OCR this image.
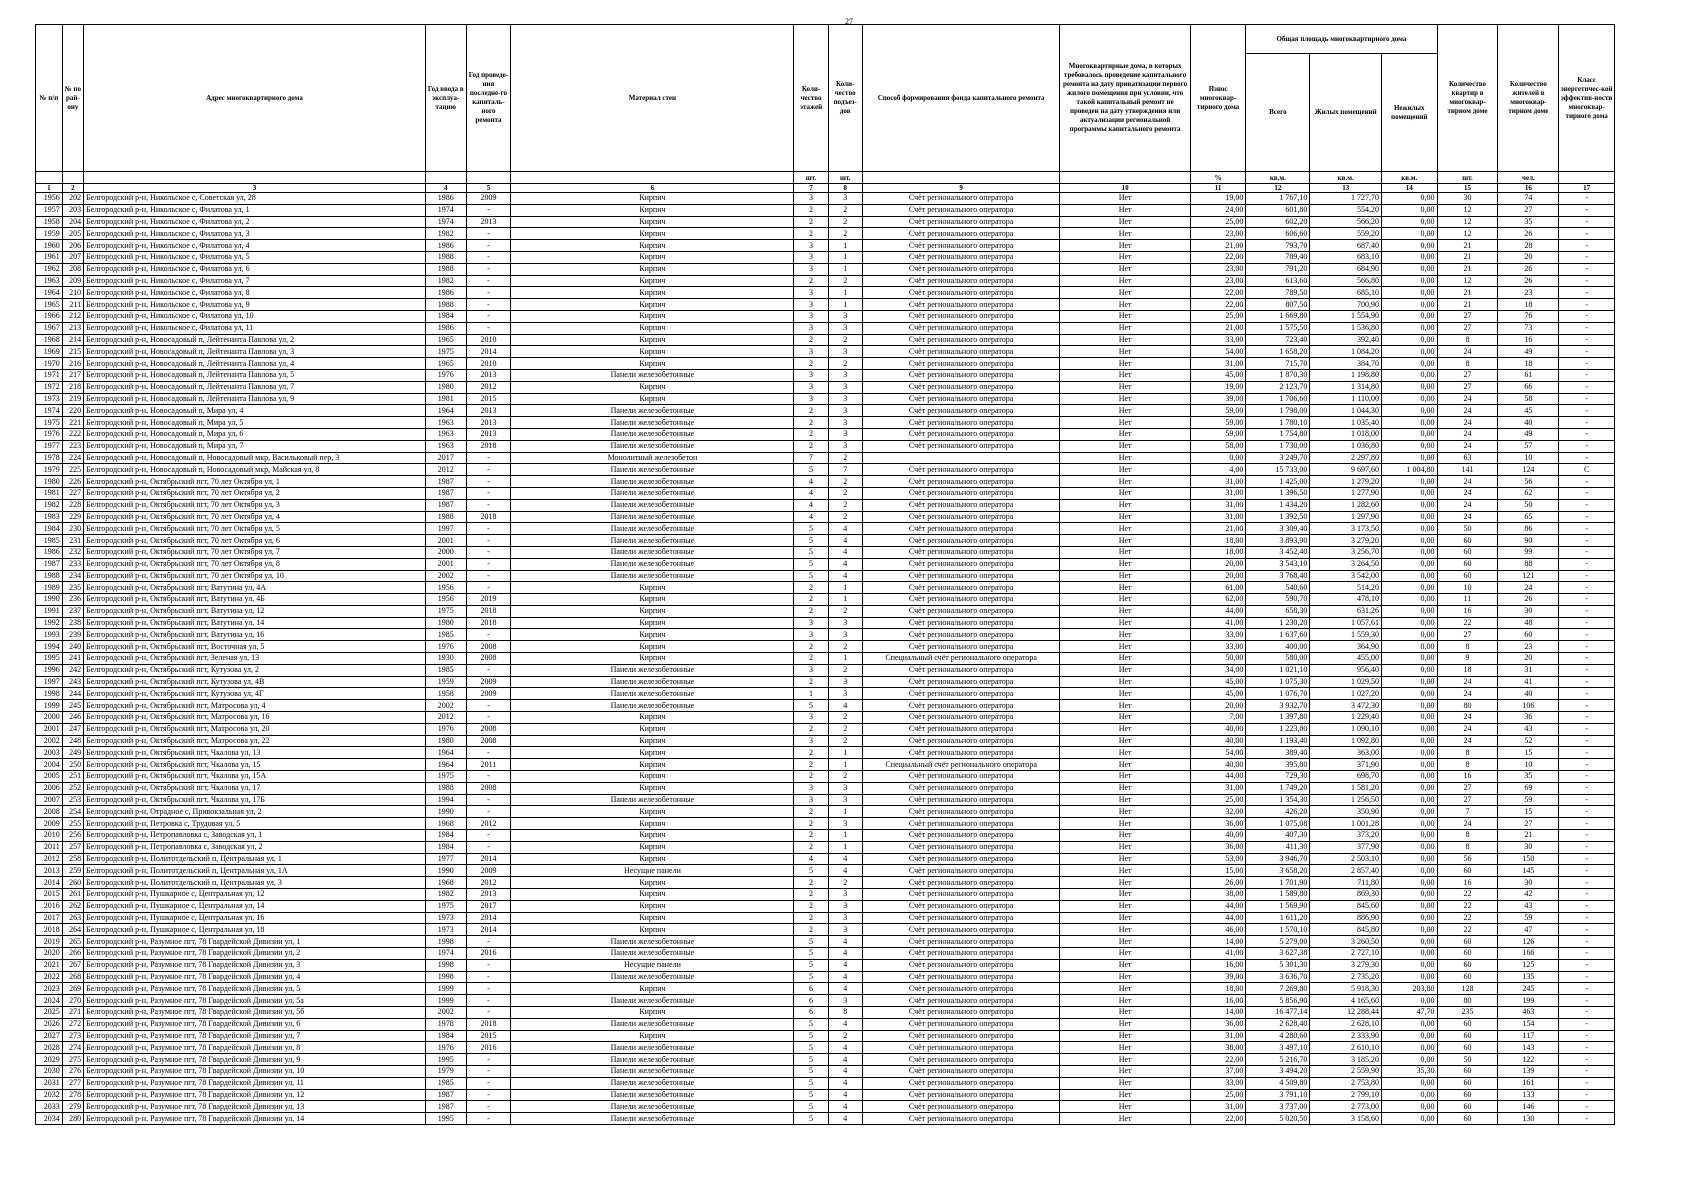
27
№ п/п	№ по рай-ону	Адрес многоквартирного дома	Год ввода в эксплуа-тацию	Год проведе-ния последне-го капиталь-ного ремонта	Материал стен	Коли-чество этажей	Коли-чество подъез-дов	Способ формирования фонда капитального ремонта	Многоквартирные дома, в которых требовалось проведение капитального ремонта на дату приватизации первого жилого помещения при условии, что такой капитальный ремонт не проведен на дату утверждения или актуализации региональной программы капитального ремонта	Износ многоквар-тирного дома	Общая площадь многоквартирного дома			Количество квартир в многоквар-тирном доме	Количество жителей в многоквар-тирном доме	Класс энергетичес-кой эффектив-ности многоквар-тирного дома
											Всего	Жилых помещений	Нежилых помещений			
						шт.	шт.			%	кв.м.	кв.м.	кв.м.	шт.	чел.	
1	2	3	4	5	6	7	8	9	10	11	12	13	14	15	16	17
1956	202	Белгородский р-н, Никольское с, Советская ул, 28	1986	2009	Кирпич	3	3	Счёт регионального оператора	Нет	19,00	1 767,10	1 727,70	0,00	30	74	-
1957	203	Белгородский р-н, Никольское с, Филатова ул, 1	1974	-	Кирпич	2	2	Счёт регионального оператора	Нет	24,00	601,80	554,20	0,00	12	27	-
1958	204	Белгородский р-н, Никольское с, Филатова ул, 2	1974	2013	Кирпич	2	2	Счёт регионального оператора	Нет	25,00	602,20	566,20	0,00	12	35	-
1959	205	Белгородский р-н, Никольское с, Филатова ул, 3	1982	-	Кирпич	2	2	Счёт регионального оператора	Нет	23,00	606,60	559,20	0,00	12	26	-
1960	206	Белгородский р-н, Никольское с, Филатова ул, 4	1986	-	Кирпич	3	1	Счёт регионального оператора	Нет	21,00	793,70	687,40	0,00	21	28	-
1961	207	Белгородский р-н, Никольское с, Филатова ул, 5	1988	-	Кирпич	3	1	Счёт регионального оператора	Нет	22,00	789,40	683,10	0,00	21	20	-
1962	208	Белгородский р-н, Никольское с, Филатова ул, 6	1988	-	Кирпич	3	1	Счёт регионального оператора	Нет	23,00	791,20	684,90	0,00	21	26	-
1963	209	Белгородский р-н, Никольское с, Филатова ул, 7	1982	-	Кирпич	2	2	Счёт регионального оператора	Нет	23,00	613,60	566,80	0,00	12	26	-
1964	210	Белгородский р-н, Никольское с, Филатова ул, 8	1986	-	Кирпич	3	1	Счёт регионального оператора	Нет	22,00	789,50	685,10	0,00	21	23	-
1965	211	Белгородский р-н, Никольское с, Филатова ул, 9	1988	-	Кирпич	3	1	Счёт регионального оператора	Нет	22,00	807,50	700,90	0,00	21	18	-
1966	212	Белгородский р-н, Никольское с, Филатова ул, 10	1984	-	Кирпич	3	3	Счёт регионального оператора	Нет	25,00	1 669,80	1 554,90	0,00	27	76	-
1967	213	Белгородский р-н, Никольское с, Филатова ул, 11	1986	-	Кирпич	3	3	Счёт регионального оператора	Нет	21,00	1 575,50	1 536,80	0,00	27	73	-
1968	214	Белгородский р-н, Новосадовый п, Лейтенанта Павлова ул, 2	1965	2010	Кирпич	2	2	Счёт регионального оператора	Нет	33,00	723,40	392,40	0,00	8	16	-
1969	215	Белгородский р-н, Новосадовый п, Лейтенанта Павлова ул, 3	1975	2014	Кирпич	3	3	Счёт регионального оператора	Нет	54,00	1 658,20	1 084,20	0,00	24	49	-
1970	216	Белгородский р-н, Новосадовый п, Лейтенанта Павлова ул, 4	1965	2010	Кирпич	2	2	Счёт регионального оператора	Нет	31,00	715,70	384,70	0,00	8	18	-
1971	217	Белгородский р-н, Новосадовый п, Лейтенанта Павлова ул, 5	1976	2013	Панели железобетонные	3	3	Счёт регионального оператора	Нет	45,00	1 870,30	1 198,80	0,00	27	61	-
1972	218	Белгородский р-н, Новосадовый п, Лейтенанта Павлова ул, 7	1980	2012	Кирпич	3	3	Счёт регионального оператора	Нет	19,00	2 123,70	1 314,80	0,00	27	66	-
1973	219	Белгородский р-н, Новосадовый п, Лейтенанта Павлова ул, 9	1981	2015	Кирпич	3	3	Счёт регионального оператора	Нет	39,00	1 706,60	1 110,00	0,00	24	58	-
1974	220	Белгородский р-н, Новосадовый п, Мира ул, 4	1964	2013	Панели железобетонные	2	3	Счёт регионального оператора	Нет	59,00	1 798,00	1 044,30	0,00	24	45	-
1975	221	Белгородский р-н, Новосадовый п, Мира ул, 5	1963	2013	Панели железобетонные	2	3	Счёт регионального оператора	Нет	59,00	1 780,10	1 035,40	0,00	24	40	-
1976	222	Белгородский р-н, Новосадовый п, Мира ул, 6	1963	2013	Панели железобетонные	2	3	Счёт регионального оператора	Нет	59,00	1 754,80	1 018,00	0,00	24	49	-
1977	223	Белгородский р-н, Новосадовый п, Мира ул, 7	1963	2018	Панели железобетонные	2	3	Счёт регионального оператора	Нет	58,00	1 730,00	1 036,80	0,00	24	57	-
1978	224	Белгородский р-н, Новосадовый п, Новосадовый мкр, Васильковый пер, 3	2017	-	Монолитный железобетон	7	2		Нет	0,00	3 249,70	2 297,80	0,00	63	10	-
1979	225	Белгородский р-н, Новосадовый п, Новосадовый мкр, Майская ул, 8	2012	-	Панели железобетонные	5	7	Счёт регионального оператора	Нет	4,00	15 733,00	9 697,60	1 004,80	141	124	C
1980	226	Белгородский р-н, Октябрьский пгт, 70 лет Октября ул, 1	1987	-	Панели железобетонные	4	2	Счёт регионального оператора	Нет	31,00	1 425,00	1 279,20	0,00	24	56	-
1981	227	Белгородский р-н, Октябрьский пгт, 70 лет Октября ул, 2	1987	-	Панели железобетонные	4	2	Счёт регионального оператора	Нет	31,00	1 396,50	1 277,90	0,00	24	62	-
1982	228	Белгородский р-н, Октябрьский пгт, 70 лет Октября ул, 3	1987	-	Панели железобетонные	4	2	Счёт регионального оператора	Нет	31,00	1 434,20	1 282,60	0,00	24	50	-
1983	229	Белгородский р-н, Октябрьский пгт, 70 лет Октября ул, 4	1988	2018	Панели железобетонные	4	2	Счёт регионального оператора	Нет	31,00	1 392,50	1 297,90	0,00	24	65	-
1984	230	Белгородский р-н, Октябрьский пгт, 70 лет Октября ул, 5	1997	-	Панели железобетонные	5	4	Счёт регионального оператора	Нет	21,00	3 309,40	3 173,50	0,00	50	86	-
1985	231	Белгородский р-н, Октябрьский пгт, 70 лет Октября ул, 6	2001	-	Панели железобетонные	5	4	Счёт регионального оператора	Нет	18,00	3 893,90	3 279,20	0,00	60	90	-
1986	232	Белгородский р-н, Октябрьский пгт, 70 лет Октября ул, 7	2000	-	Панели железобетонные	5	4	Счёт регионального оператора	Нет	18,00	3 452,40	3 256,70	0,00	60	99	-
1987	233	Белгородский р-н, Октябрьский пгт, 70 лет Октября ул, 8	2001	-	Панели железобетонные	5	4	Счёт регионального оператора	Нет	20,00	3 543,10	3 264,50	0,00	60	88	-
1988	234	Белгородский р-н, Октябрьский пгт, 70 лет Октября ул, 10	2002	-	Панели железобетонные	5	4	Счёт регионального оператора	Нет	20,00	3 768,40	3 542,00	0,00	60	121	-
1989	235	Белгородский р-н, Октябрьский пгт, Ватутина ул, 4А	1956	-	Кирпич	2	1	Счёт регионального оператора	Нет	61,00	540,60	514,20	0,00	10	24	-
1990	236	Белгородский р-н, Октябрьский пгт, Ватутина ул, 4Б	1956	2019	Кирпич	2	1	Счёт регионального оператора	Нет	62,00	590,70	478,10	0,00	11	26	-
1991	237	Белгородский р-н, Октябрьский пгт, Ватутина ул, 12	1975	2018	Кирпич	2	2	Счёт регионального оператора	Нет	44,00	658,30	631,26	0,00	16	30	-
1992	238	Белгородский р-н, Октябрьский пгт, Ватутина ул, 14	1980	2018	Кирпич	3	3	Счёт регионального оператора	Нет	41,00	1 230,20	1 057,61	0,00	22	48	-
1993	239	Белгородский р-н, Октябрьский пгт, Ватутина ул, 16	1985	-	Кирпич	3	3	Счёт регионального оператора	Нет	33,00	1 637,60	1 559,30	0,00	27	60	-
1994	240	Белгородский р-н, Октябрьский пгт, Восточная ул, 5	1976	2008	Кирпич	2	2	Счёт регионального оператора	Нет	33,00	400,00	364,90	0,00	8	23	-
1995	241	Белгородский р-н, Октябрьский пгт, Зеленая ул, 13	1930	2008	Кирпич	2	1	Специальный счёт регионального оператора	Нет	50,00	580,00	455,00	0,00	9	20	-
1996	242	Белгородский р-н, Октябрьский пгт, Кутузова ул, 2	1985	-	Панели железобетонные	3	2	Счёт регионального оператора	Нет	34,00	1 021,10	956,40	0,00	18	31	-
1997	243	Белгородский р-н, Октябрьский пгт, Кутузова ул, 4В	1959	2009	Панели железобетонные	2	3	Счёт регионального оператора	Нет	45,00	1 075,30	1 029,50	0,00	24	41	-
1998	244	Белгородский р-н, Октябрьский пгт, Кутузова ул, 4Г	1958	2009	Панели железобетонные	1	3	Счёт регионального оператора	Нет	45,00	1 076,70	1 027,20	0,00	24	40	-
1999	245	Белгородский р-н, Октябрьский пгт, Матросова ул, 4	2002	-	Панели железобетонные	5	4	Счёт регионального оператора	Нет	20,00	3 932,70	3 472,30	0,00	80	106	-
2000	246	Белгородский р-н, Октябрьский пгт, Матросова ул, 16	2012	-	Кирпич	3	2	Счёт регионального оператора	Нет	7,00	1 397,80	1 229,40	0,00	24	36	-
2001	247	Белгородский р-н, Октябрьский пгт, Матросова ул, 20	1976	2008	Кирпич	2	2	Счёт регионального оператора	Нет	40,00	1 223,80	1 090,10	0,00	24	43	-
2002	248	Белгородский р-н, Октябрьский пгт, Матросова ул, 22	1980	2008	Кирпич	3	2	Счёт регионального оператора	Нет	40,00	1 193,40	1 092,80	0,00	24	52	-
2003	249	Белгородский р-н, Октябрьский пгт, Чкалова ул, 13	1964	-	Кирпич	2	1	Счёт регионального оператора	Нет	54,00	389,40	363,00	0,00	8	15	-
2004	250	Белгородский р-н, Октябрьский пгт, Чкалова ул, 15	1964	2011	Кирпич	2	1	Специальный счёт регионального оператора	Нет	40,00	395,80	371,90	0,00	8	10	-
2005	251	Белгородский р-н, Октябрьский пгт, Чкалова ул, 15А	1975	-	Кирпич	2	2	Счёт регионального оператора	Нет	44,00	729,30	698,70	0,00	16	35	-
2006	252	Белгородский р-н, Октябрьский пгт, Чкалова ул, 17	1988	2008	Кирпич	3	3	Счёт регионального оператора	Нет	31,00	1 749,20	1 581,20	0,00	27	69	-
2007	253	Белгородский р-н, Октябрьский пгт, Чкалова ул, 17Б	1994	-	Панели железобетонные	3	3	Счёт регионального оператора	Нет	25,00	1 354,30	1 256,50	0,00	27	59	-
2008	254	Белгородский р-н, Отрадное с, Привокзальная ул, 2	1990	-	Кирпич	2	1	Счёт регионального оператора	Нет	32,00	426,20	350,90	0,00	7	15	-
2009	255	Белгородский р-н, Петровка с, Трудовая ул, 5	1968	2012	Кирпич	2	3	Счёт регионального оператора	Нет	36,00	1 075,08	1 001,28	0,00	24	27	-
2010	256	Белгородский р-н, Петропавловка с, Заводская ул, 1	1984	-	Кирпич	2	1	Счёт регионального оператора	Нет	40,00	407,30	373,20	0,00	8	21	-
2011	257	Белгородский р-н, Петропавловка с, Заводская ул, 2	1984	-	Кирпич	2	1	Счёт регионального оператора	Нет	36,00	411,30	377,90	0,00	8	30	-
2012	258	Белгородский р-н, Политотдельский п, Центральная ул, 1	1977	2014	Кирпич	4	4	Счёт регионального оператора	Нет	53,00	3 946,70	2 503,10	0,00	56	150	-
2013	259	Белгородский р-н, Политотдельский п, Центральная ул, 1А	1990	2009	Несущие панели	5	4	Счёт регионального оператора	Нет	15,00	3 658,20	2 857,40	0,00	60	145	-
2014	260	Белгородский р-н, Политотдельский п, Центральная ул, 3	1968	2012	Кирпич	2	2	Счёт регионального оператора	Нет	26,00	1 701,90	711,80	0,00	16	30	-
2015	261	Белгородский р-н, Пушкарное с, Центральная ул, 12	1982	2013	Кирпич	2	3	Счёт регионального оператора	Нет	38,00	1 589,80	869,30	0,00	22	42	-
2016	262	Белгородский р-н, Пушкарное с, Центральная ул, 14	1975	2017	Кирпич	2	3	Счёт регионального оператора	Нет	44,00	1 569,90	845,60	0,00	22	43	-
2017	263	Белгородский р-н, Пушкарное с, Центральная ул, 16	1973	2014	Кирпич	2	3	Счёт регионального оператора	Нет	44,00	1 611,20	886,90	0,00	22	59	-
2018	264	Белгородский р-н, Пушкарное с, Центральная ул, 18	1973	2014	Кирпич	2	3	Счёт регионального оператора	Нет	46,00	1 570,10	845,80	0,00	22	47	-
2019	265	Белгородский р-н, Разумное пгт, 78 Гвардейской Дивизии ул, 1	1998	-	Панели железобетонные	5	4	Счёт регионального оператора	Нет	14,00	5 279,00	3 260,50	0,00	60	126	-
2020	266	Белгородский р-н, Разумное пгт, 78 Гвардейской Дивизии ул, 2	1974	2016	Панели железобетонные	5	4	Счёт регионального оператора	Нет	41,00	3 627,38	2 727,10	0,00	60	166	-
2021	267	Белгородский р-н, Разумное пгт, 78 Гвардейской Дивизии ул, 3	1998	-	Несущие панели	5	4	Счёт регионального оператора	Нет	16,00	5 301,30	3 279,30	0,00	60	125	-
2022	268	Белгородский р-н, Разумное пгт, 78 Гвардейской Дивизии ул, 4	1998	-	Панели железобетонные	5	4	Счёт регионального оператора	Нет	39,00	3 636,70	2 735,20	0,00	60	135	-
2023	269	Белгородский р-н, Разумное пгт, 78 Гвардейской Дивизии ул, 5	1999	-	Кирпич	6	4	Счёт регионального оператора	Нет	18,00	7 269,80	5 918,30	203,80	128	245	-
2024	270	Белгородский р-н, Разумное пгт, 78 Гвардейской Дивизии ул, 5а	1999	-	Панели железобетонные	6	3	Счёт регионального оператора	Нет	16,00	5 856,90	4 165,60	0,00	80	199	-
2025	271	Белгородский р-н, Разумное пгт, 78 Гвардейской Дивизии ул, 5б	2002	-	Кирпич	6	8	Счёт регионального оператора	Нет	14,00	16 477,14	12 288,44	47,70	235	463	-
2026	272	Белгородский р-н, Разумное пгт, 78 Гвардейской Дивизии ул, 6	1978	2018	Панели железобетонные	5	4	Счёт регионального оператора	Нет	36,00	2 628,40	2 628,10	0,00	60	154	-
2027	273	Белгородский р-н, Разумное пгт, 78 Гвардейской Дивизии ул, 7	1984	2015	Кирпич	5	2	Счёт регионального оператора	Нет	31,00	4 280,60	2 333,90	0,00	60	117	-
2028	274	Белгородский р-н, Разумное пгт, 78 Гвардейской Дивизии ул, 8	1976	2016	Панели железобетонные	5	4	Счёт регионального оператора	Нет	38,00	3 497,10	2 610,10	0,00	60	143	-
2029	275	Белгородский р-н, Разумное пгт, 78 Гвардейской Дивизии ул, 9	1995	-	Панели железобетонные	5	4	Счёт регионального оператора	Нет	22,00	5 216,70	3 185,20	0,00	50	122	-
2030	276	Белгородский р-н, Разумное пгт, 78 Гвардейской Дивизии ул, 10	1979	-	Панели железобетонные	5	4	Счёт регионального оператора	Нет	37,00	3 494,20	2 559,90	35,30	60	139	-
2031	277	Белгородский р-н, Разумное пгт, 78 Гвардейской Дивизии ул, 11	1985	-	Панели железобетонные	5	4	Счёт регионального оператора	Нет	33,00	4 509,80	2 753,80	0,00	60	161	-
2032	278	Белгородский р-н, Разумное пгт, 78 Гвардейской Дивизии ул, 12	1987	-	Панели железобетонные	5	4	Счёт регионального оператора	Нет	25,00	3 791,10	2 799,10	0,00	60	133	-
2033	279	Белгородский р-н, Разумное пгт, 78 Гвардейской Дивизии ул, 13	1987	-	Панели железобетонные	5	4	Счёт регионального оператора	Нет	31,00	3 737,00	2 773,00	0,00	60	146	-
2034	280	Белгородский р-н, Разумное пгт, 78 Гвардейской Дивизии ул, 14	1995	-	Панели железобетонные	5	4	Счёт регионального оператора	Нет	22,00	5 020,50	3 158,60	0,00	60	130	-
